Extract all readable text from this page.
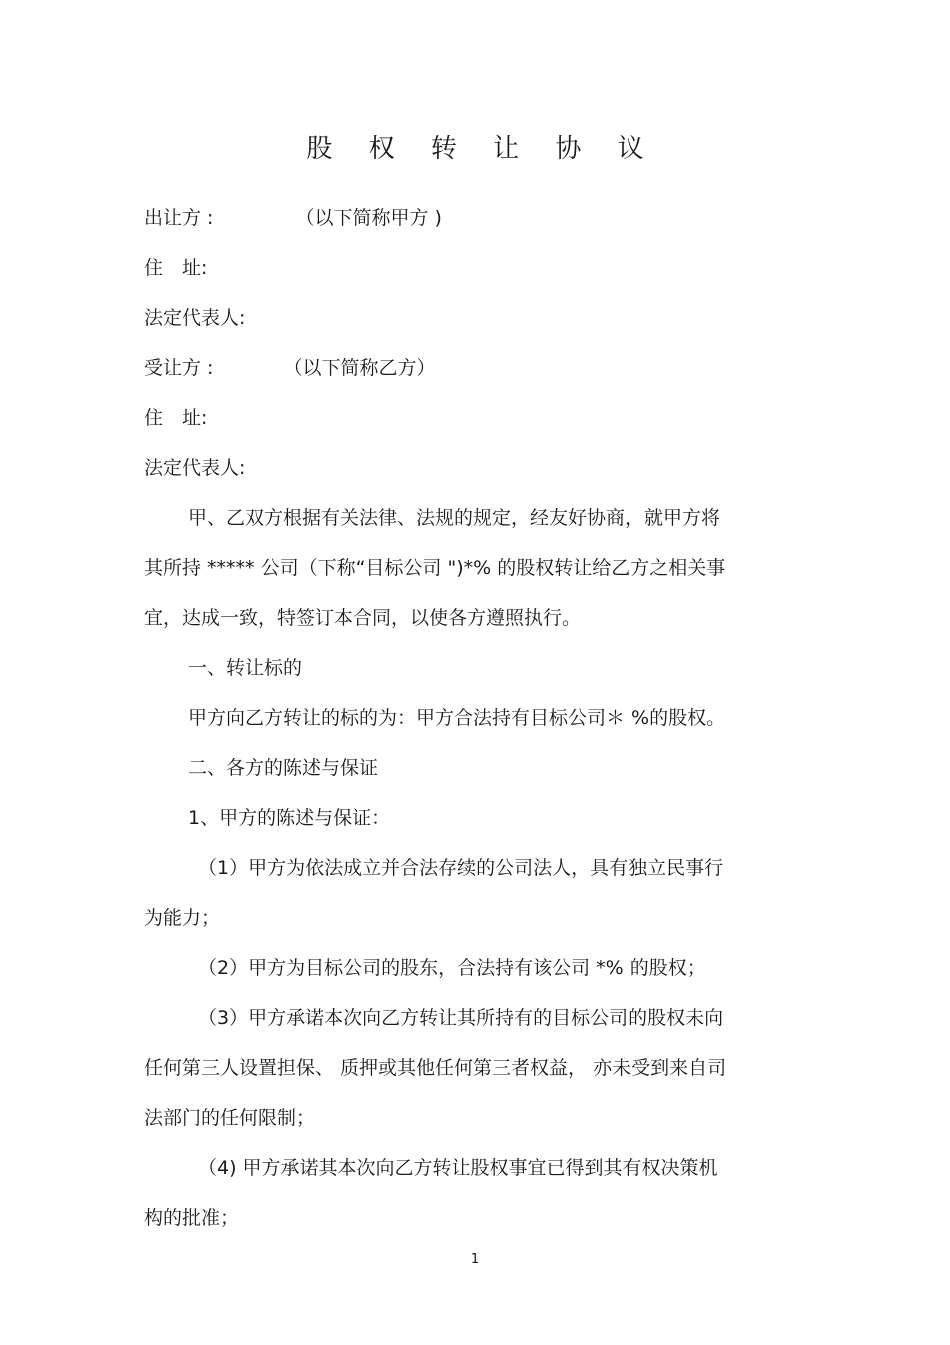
股 权 转 让 协 议
出让方 :	（以下简称甲方 )
住　址:
法定代表人:
受让方 :	（以下简称乙方）
住　址:
法定代表人:
甲、乙双方根据有关法律、法规的规定，经友好协商，就甲方将
其所持 ***** 公司（下称“目标公司 ")*% 的股权转让给乙方之相关事
宜，达成一致，特签订本合同，以使各方遵照执行。
一、转让标的
甲方向乙方转让的标的为：甲方合法持有目标公司＊ %的股权。
二、各方的陈述与保证
1、甲方的陈述与保证：
（1）甲方为依法成立并合法存续的公司法人，具有独立民事行
为能力；
（2）甲方为目标公司的股东，合法持有该公司 *% 的股权；
（3）甲方承诺本次向乙方转让其所持有的目标公司的股权未向
任何第三人设置担保、 质押或其他任何第三者权益， 亦未受到来自司
法部门的任何限制；
（4) 甲方承诺其本次向乙方转让股权事宜已得到其有权决策机
构的批准；
1
